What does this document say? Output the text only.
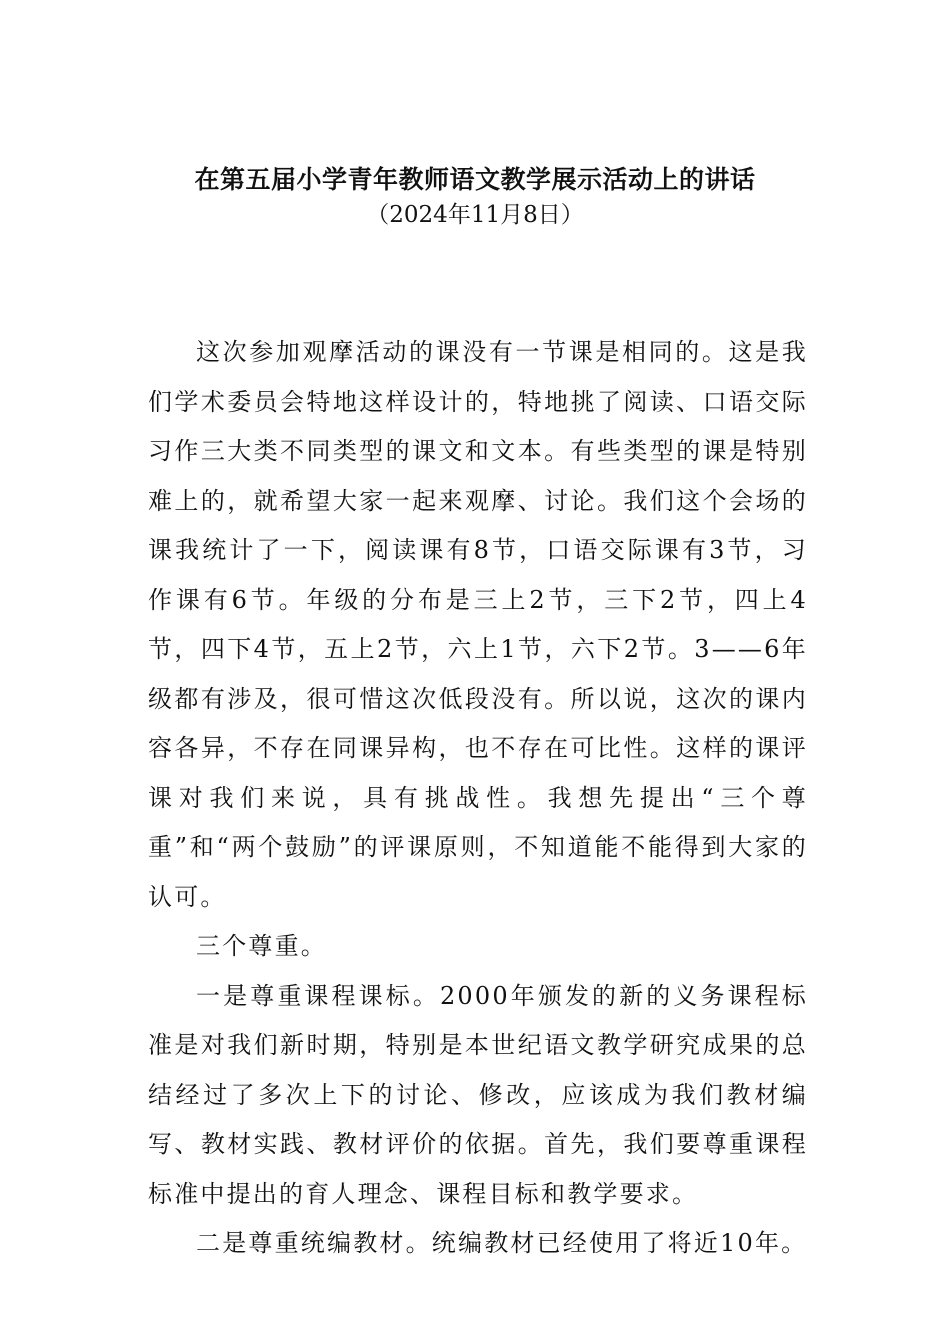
在第五届小学青年教师语文教学展示活动上的讲话

（2024年11月8日）

这次参加观摩活动的课没有一节课是相同的。这是我们学术委员会特地这样设计的，特地挑了阅读、口语交际习作三大类不同类型的课文和文本。有些类型的课是特别难上的，就希望大家一起来观摩、讨论。我们这个会场的课我统计了一下，阅读课有8节，口语交际课有3节，习作课有6节。年级的分布是三上2节，三下2节，四上4节，四下4节，五上2节，六上1节，六下2节。3——6年级都有涉及，很可惜这次低段没有。所以说，这次的课内容各异，不存在同课异构，也不存在可比性。这样的课评课对我们来说，具有挑战性。我想先提出“三个尊重”和“两个鼓励”的评课原则，不知道能不能得到大家的认可。

三个尊重。

一是尊重课程课标。2000年颁发的新的义务课程标准是对我们新时期，特别是本世纪语文教学研究成果的总结经过了多次上下的讨论、修改，应该成为我们教材编写、教材实践、教材评价的依据。首先，我们要尊重课程标准中提出的育人理念、课程目标和教学要求。

二是尊重统编教材。统编教材已经使用了将近10年。
